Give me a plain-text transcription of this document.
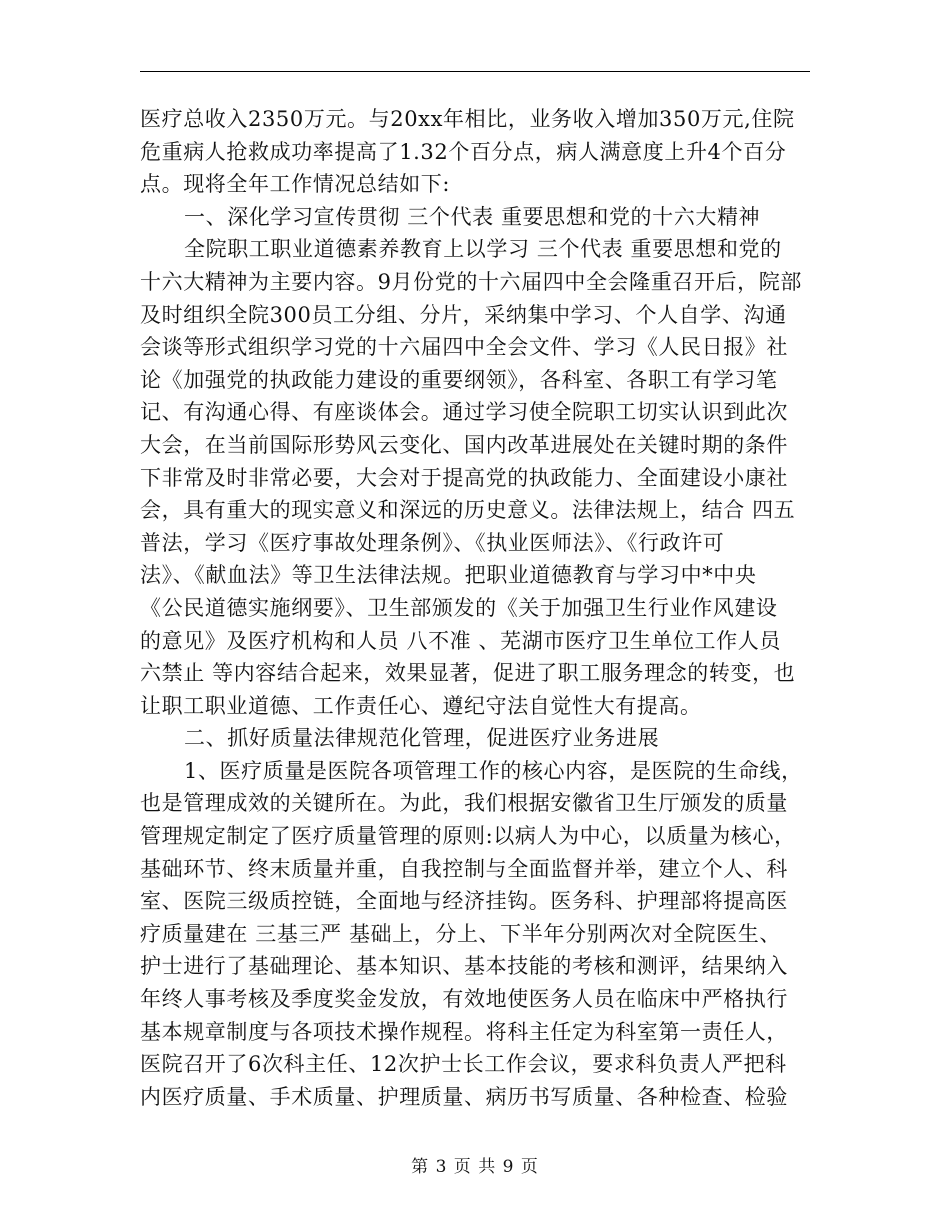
医疗总收入2350万元。与20xx年相比，业务收入增加350万元,住院
危重病人抢救成功率提高了1.32个百分点，病人满意度上升4个百分
点。现将全年工作情况总结如下:
一、深化学习宣传贯彻 三个代表 重要思想和党的十六大精神
全院职工职业道德素养教育上以学习 三个代表 重要思想和党的
十六大精神为主要内容。9月份党的十六届四中全会隆重召开后，院部
及时组织全院300员工分组、分片，采纳集中学习、个人自学、沟通
会谈等形式组织学习党的十六届四中全会文件、学习《人民日报》社
论《加强党的执政能力建设的重要纲领》，各科室、各职工有学习笔
记、有沟通心得、有座谈体会。通过学习使全院职工切实认识到此次
大会，在当前国际形势风云变化、国内改革进展处在关键时期的条件
下非常及时非常必要，大会对于提高党的执政能力、全面建设小康社
会，具有重大的现实意义和深远的历史意义。法律法规上，结合 四五
普法，学习《医疗事故处理条例》、《执业医师法》、《行政许可
法》、《献血法》等卫生法律法规。把职业道德教育与学习中*中央
《公民道德实施纲要》、卫生部颁发的《关于加强卫生行业作风建设
的意见》及医疗机构和人员 八不准 、芜湖市医疗卫生单位工作人员
六禁止 等内容结合起来，效果显著，促进了职工服务理念的转变，也
让职工职业道德、工作责任心、遵纪守法自觉性大有提高。
二、抓好质量法律规范化管理，促进医疗业务进展
1、医疗质量是医院各项管理工作的核心内容，是医院的生命线，
也是管理成效的关键所在。为此，我们根据安徽省卫生厅颁发的质量
管理规定制定了医疗质量管理的原则:以病人为中心，以质量为核心，
基础环节、终末质量并重，自我控制与全面监督并举，建立个人、科
室、医院三级质控链，全面地与经济挂钩。医务科、护理部将提高医
疗质量建在 三基三严 基础上，分上、下半年分别两次对全院医生、
护士进行了基础理论、基本知识、基本技能的考核和测评，结果纳入
年终人事考核及季度奖金发放，有效地使医务人员在临床中严格执行
基本规章制度与各项技术操作规程。将科主任定为科室第一责任人，
医院召开了6次科主任、12次护士长工作会议，要求科负责人严把科
内医疗质量、手术质量、护理质量、病历书写质量、各种检查、检验
第 3 页 共 9 页
